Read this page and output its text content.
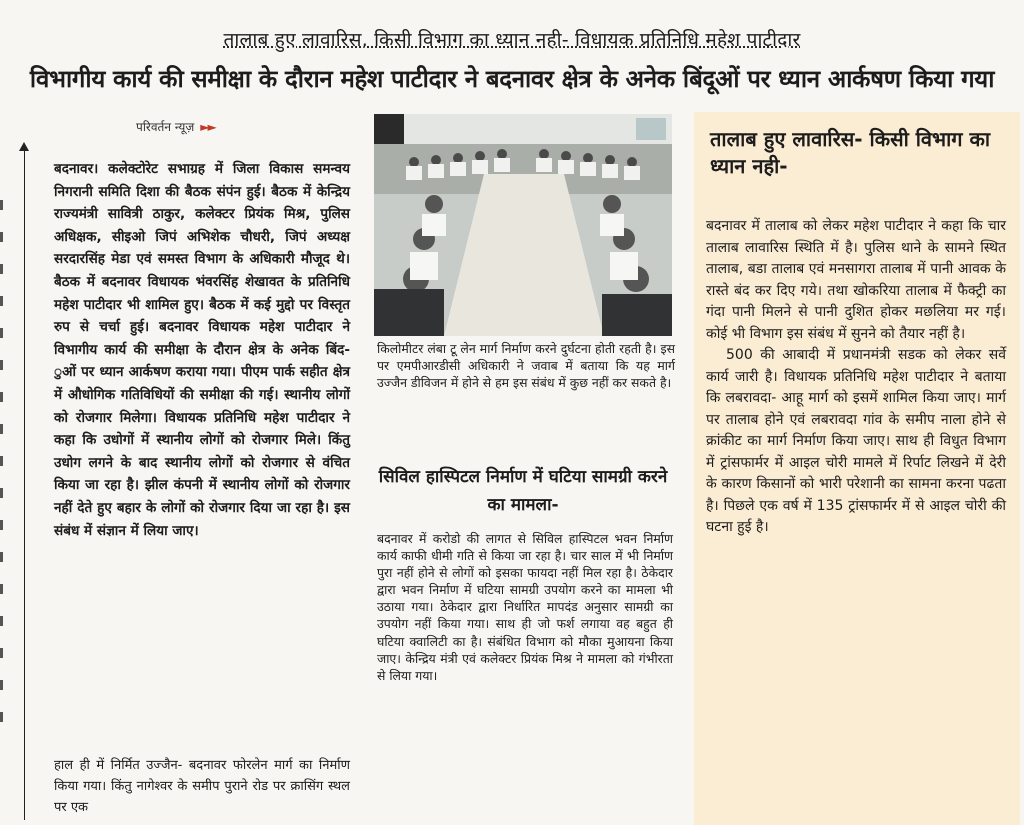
तालाब हुए लावारिस, किसी विभाग का ध्यान नही- विधायक प्रतिनिधि महेश पाटीदार
विभागीय कार्य की समीक्षा के दौरान महेश पाटीदार ने बदनावर क्षेत्र के अनेक बिंदूओं पर ध्यान आर्कषण किया गया
परिवर्तन न्यूज़ ►►
बदनावर। कलेक्टोरेट सभाग्रह में जिला विकास समन्वय निगरानी समिति दिशा की बैठक संपंन हुई। बैठक में केन्द्रिय राज्यमंत्री सावित्री ठाकुर, कलेक्टर प्रियंक मिश्र, पुलिस अधिक्षक, सीइओ जिपं अभिशेक चौधरी, जिपं अध्यक्ष सरदारसिंह मेडा एवं समस्त विभाग के अधिकारी मौजूद थे। बैठक में बदनावर विधायक भंवरसिंह शेखावत के प्रतिनिधि महेश पाटीदार भी शामिल हुए। बैठक में कई मुद्दो पर विस्तृत रुप से चर्चा हुई। बदनावर विधायक महेश पाटीदार ने विभागीय कार्य की समीक्षा के दौरान क्षेत्र के अनेक बिंद- ुओं पर ध्यान आर्कषण कराया गया। पीएम पार्क सहीत क्षेत्र में औधोगिक गतिविधियों की समीक्षा की गई। स्थानीय लोगों को रोजगार मिलेगा। विधायक प्रतिनिधि महेश पाटीदार ने कहा कि उधोगों में स्थानीय लोगों को रोजगार मिले। किंतु उधोग लगने के बाद स्थानीय लोगों को रोजगार से वंचित किया जा रहा है। झील कंपनी में स्थानीय लोगों को रोजगार नहीं देते हुए बहार के लोगों को रोजगार दिया जा रहा है। इस संबंध में संज्ञान में लिया जाए।
हाल ही में निर्मित उज्जैन- बदनावर फोरलेन मार्ग का निर्माण किया गया। किंतु नागेश्वर के समीप पुराने रोड पर क्रासिंग स्थल पर एक
किलोमीटर लंबा टू लेन मार्ग निर्माण करने दुर्घटना होती रहती है। इस पर एमपीआरडीसी अधिकारी ने जवाब में बताया कि यह मार्ग उज्जैन डीविजन में होने से हम इस संबंध में कुछ नहीं कर सकते है।
सिविल हास्पिटल निर्माण में घटिया सामग्री करने का मामला-
बदनावर में करोडो की लागत से सिविल हास्पिटल भवन निर्माण कार्य काफी धीमी गति से किया जा रहा है। चार साल में भी निर्माण पुरा नहीं होने से लोगों को इसका फायदा नहीं मिल रहा है। ठेकेदार द्वारा भवन निर्माण में घटिया सामग्री उपयोग करने का मामला भी उठाया गया। ठेकेदार द्वारा निर्धारित मापदंड अनुसार सामग्री का उपयोग नहीं किया गया। साथ ही जो फर्श लगाया वह बहुत ही घटिया क्वालिटी का है। संबंधित विभाग को मौका मुआयना किया जाए। केन्द्रिय मंत्री एवं कलेक्टर प्रियंक मिश्र ने मामला को गंभीरता से लिया गया।
तालाब हुए लावारिस- किसी विभाग का ध्यान नही-

बदनावर में तालाब को लेकर महेश पाटीदार ने कहा कि चार तालाब लावारिस स्थिति में है। पुलिस थाने के सामने स्थित तालाब, बडा तालाब एवं मनसागरा तालाब में पानी आवक के रास्ते बंद कर दिए गये। तथा खोकरिया तालाब में फैक्ट्री का गंदा पानी मिलने से पानी दुशित होकर मछलिया मर गई। कोई भी विभाग इस संबंध में सुनने को तैयार नहीं है।

500 की आबादी में प्रधानमंत्री सडक को लेकर सर्वे कार्य जारी है। विधायक प्रतिनिधि महेश पाटीदार ने बताया कि लबरावदा- आहू मार्ग को इसमें शामिल किया जाए। मार्ग पर तालाब होने एवं लबरावदा गांव के समीप नाला होने से क्रांकीट का मार्ग निर्माण किया जाए। साथ ही विधुत विभाग में ट्रांसफार्मर में आइल चोरी मामले में रिर्पाट लिखने में देरी के कारण किसानों को भारी परेशानी का सामना करना पढता है। पिछले एक वर्ष में 135 ट्रांसफार्मर में से आइल चोरी की घटना हुई है।
